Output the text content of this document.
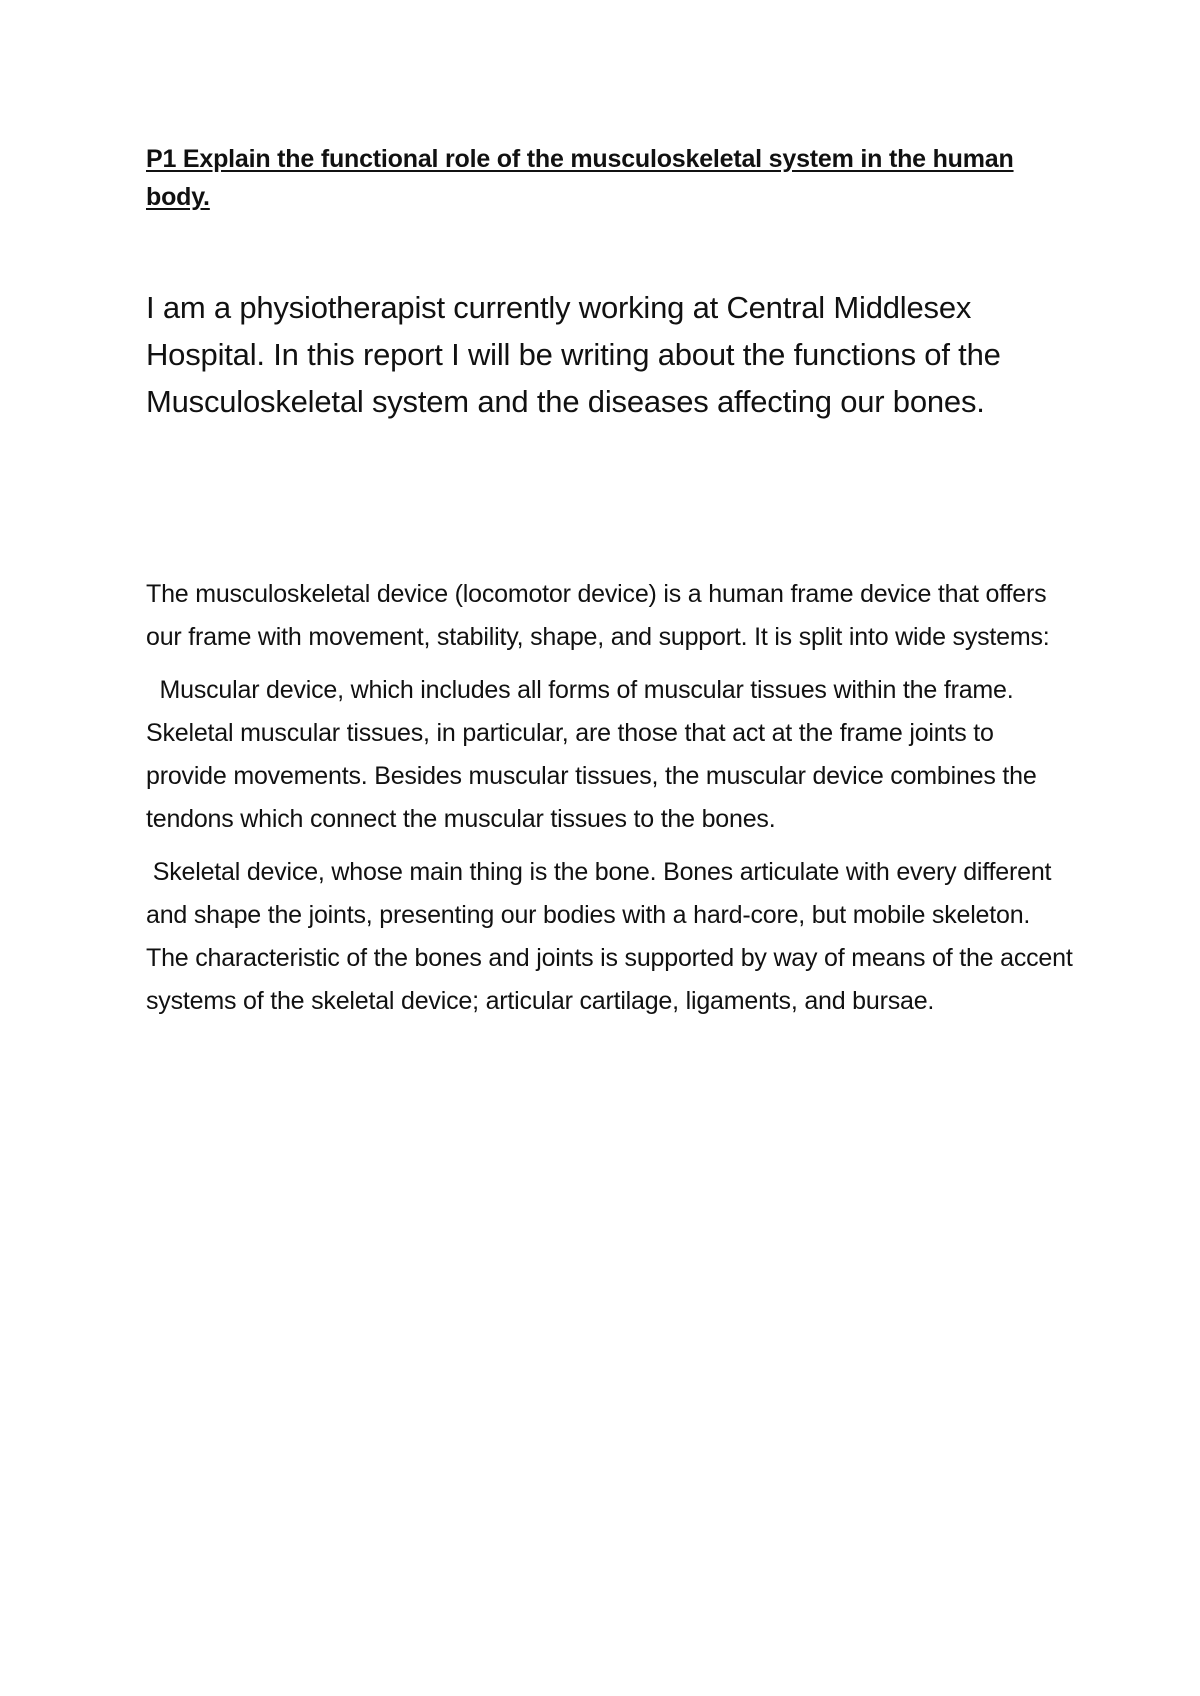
P1 Explain the functional role of the musculoskeletal system in the human body.

I am a physiotherapist currently working at Central Middlesex Hospital. In this report I will be writing about the functions of the Musculoskeletal system and the diseases affecting our bones.

The musculoskeletal device (locomotor device) is a human frame device that offers our frame with movement, stability, shape, and support. It is split into wide systems:

Muscular device, which includes all forms of muscular tissues within the frame. Skeletal muscular tissues, in particular, are those that act at the frame joints to provide movements. Besides muscular tissues, the muscular device combines the tendons which connect the muscular tissues to the bones.

Skeletal device, whose main thing is the bone. Bones articulate with every different and shape the joints, presenting our bodies with a hard-core, but mobile skeleton. The characteristic of the bones and joints is supported by way of means of the accent systems of the skeletal device; articular cartilage, ligaments, and bursae.
